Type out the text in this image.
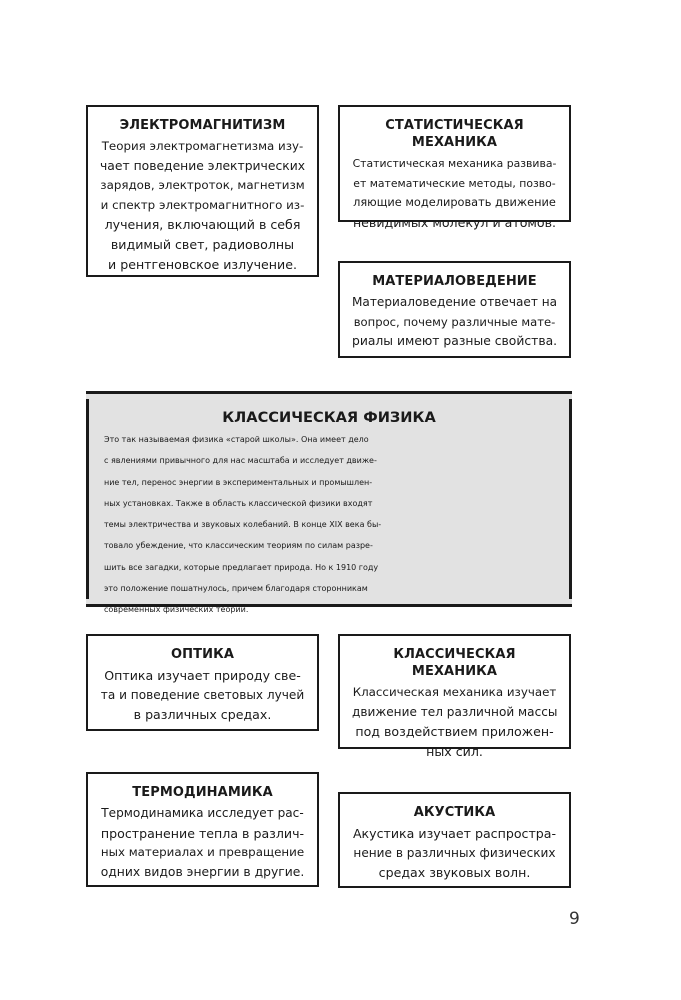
ЭЛЕКТРОМАГНИТИЗМ
Теория электромагнетизма изу-
чает поведение электрических
зарядов, электроток, магнетизм
и спектр электромагнитного из-
лучения, включающий в себя
видимый свет, радиоволны
и рентгеновское излучение.
СТАТИСТИЧЕСКАЯ МЕХАНИКА
Статистическая механика развива-
ет математические методы, позво-
ляющие моделировать движение
невидимых молекул и атомов.
МАТЕРИАЛОВЕДЕНИЕ
Материаловедение отвечает на
вопрос, почему различные мате-
риалы имеют разные свойства.
КЛАССИЧЕСКАЯ ФИЗИКА
Это так называемая физика «старой школы». Она имеет дело
с явлениями привычного для нас масштаба и исследует движе-
ние тел, перенос энергии в экспериментальных и промышлен-
ных установках. Также в область классической физики входят
темы электричества и звуковых колебаний. В конце XIX века бы-
товало убеждение, что классическим теориям по силам разре-
шить все загадки, которые предлагает природа. Но к 1910 году
это положение пошатнулось, причем благодаря сторонникам
современных физических теорий.
ОПТИКА
Оптика изучает природу све-
та и поведение световых лучей
в различных средах.
КЛАССИЧЕСКАЯ МЕХАНИКА
Классическая механика изучает
движение тел различной массы
под воздействием приложен-
ных сил.
ТЕРМОДИНАМИКА
Термодинамика исследует рас-
пространение тепла в различ-
ных материалах и превращение
одних видов энергии в другие.
АКУСТИКА
Акустика изучает распростра-
нение в различных физических
средах звуковых волн.
9
